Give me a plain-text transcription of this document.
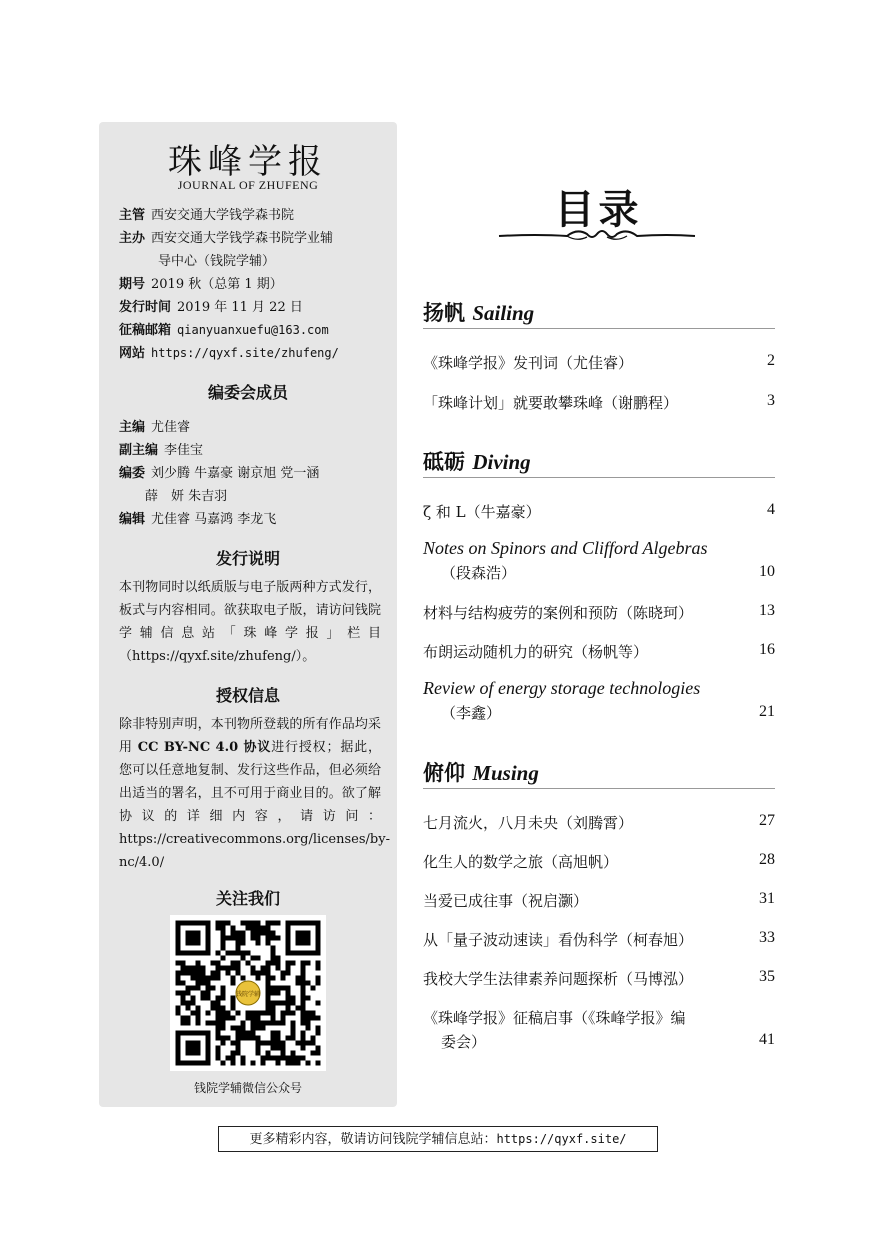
珠峰学报
JOURNAL OF ZHUFENG
主管 西安交通大学钱学森书院
主办 西安交通大学钱学森书院学业辅
导中心（钱院学辅）
期号 2019 秋（总第 1 期）
发行时间 2019 年 11 月 22 日
征稿邮箱 qianyuanxuefu@163.com
网站 https://qyxf.site/zhufeng/
编委会成员
主编 尤佳睿
副主编 李佳宝
编委 刘少腾 牛嘉豪 谢京旭 党一涵
薛　妍 朱吉羽
编辑 尤佳睿 马嘉鸿 李龙飞
发行说明
本刊物同时以纸质版与电子版两种方式发行，板式与内容相同。欲获取电子版，请访问钱院学辅信息站「珠峰学报」栏目（https://qyxf.site/zhufeng/）。
授权信息
除非特别声明，本刊物所登载的所有作品均采用 CC BY-NC 4.0 协议进行授权；据此，您可以任意地复制、发行这些作品，但必须给出适当的署名，且不可用于商业目的。欲了解协议的详细内容，请访问：https://creativecommons.org/licenses/by-nc/4.0/
关注我们
钱院学辅
钱院学辅微信公众号
目录
扬帆 Sailing
《珠峰学报》发刊词（尤佳睿）	2
「珠峰计划」就要敢攀珠峰（谢鹏程）	3
砥砺 Diving
ζ 和 L（牛嘉豪）	4
Notes on Spinors and Clifford Algebras
（段森浩）	10
材料与结构疲劳的案例和预防（陈晓珂）	13
布朗运动随机力的研究（杨帆等）	16
Review of energy storage technologies
（李鑫）	21
俯仰 Musing
七月流火，八月未央（刘腾霄）	27
化生人的数学之旅（高旭帆）	28
当爱已成往事（祝启灏）	31
从「量子波动速读」看伪科学（柯春旭）	33
我校大学生法律素养问题探析（马博泓）	35
《珠峰学报》征稿启事（《珠峰学报》编
委会）	41
更多精彩内容，敬请访问钱院学辅信息站：https://qyxf.site/
